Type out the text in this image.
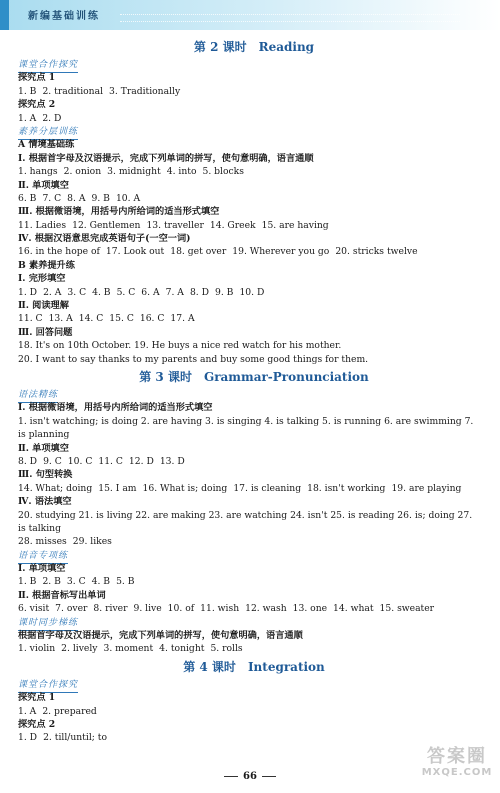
新编基础训练
第 2 课时 Reading
课堂合作探究
探究点 1
1. B 2. traditional 3. Traditionally
探究点 2
1. A 2. D
素养分层训练
A 情境基础练
Ⅰ. 根据首字母及汉语提示，完成下列单词的拼写，使句意明确，语言通顺
1. hangs 2. onion 3. midnight 4. into 5. blocks
Ⅱ. 单项填空
6. B 7. C 8. A 9. B 10. A
Ⅲ. 根据微语境，用括号内所给词的适当形式填空
11. Ladies 12. Gentlemen 13. traveller 14. Greek 15. are having
Ⅳ. 根据汉语意思完成英语句子(一空一词)
16. in the hope of 17. Look out 18. get over 19. Wherever you go 20. stricks twelve
B 素养提升练
Ⅰ. 完形填空
1. D 2. A 3. C 4. B 5. C 6. A 7. A 8. D 9. B 10. D
Ⅱ. 阅读理解
11. C 13. A 14. C 15. C 16. C 17. A
Ⅲ. 回答问题
18. It's on 10th October. 19. He buys a nice red watch for his mother.
20. I want to say thanks to my parents and buy some good things for them.
第 3 课时 Grammar-Pronunciation
语法精练
Ⅰ. 根据微语境，用括号内所给词的适当形式填空
1. isn't watching; is doing 2. are having 3. is singing 4. is talking 5. is running 6. are swimming 7.
is planning
Ⅱ. 单项填空
8. D 9. C 10. C 11. C 12. D 13. D
Ⅲ. 句型转换
14. What; doing 15. I am 16. What is; doing 17. is cleaning 18. isn't working 19. are playing
Ⅳ. 语法填空
20. studying 21. is living 22. are making 23. are watching 24. isn't 25. is reading 26. is; doing 27.
is talking
28. misses 29. likes
语音专项练
Ⅰ. 单项填空
1. B 2. B 3. C 4. B 5. B
Ⅱ. 根据音标写出单词
6. visit 7. over 8. river 9. live 10. of 11. wish 12. wash 13. one 14. what 15. sweater
课时同步梯练
根据首字母及汉语提示，完成下列单词的拼写，使句意明确，语言通顺
1. violin 2. lively 3. moment 4. tonight 5. rolls
第 4 课时 Integration
课堂合作探究
探究点 1
1. A 2. prepared
探究点 2
1. D 2. till/until; to
66
答案圈
MXQE.COM
